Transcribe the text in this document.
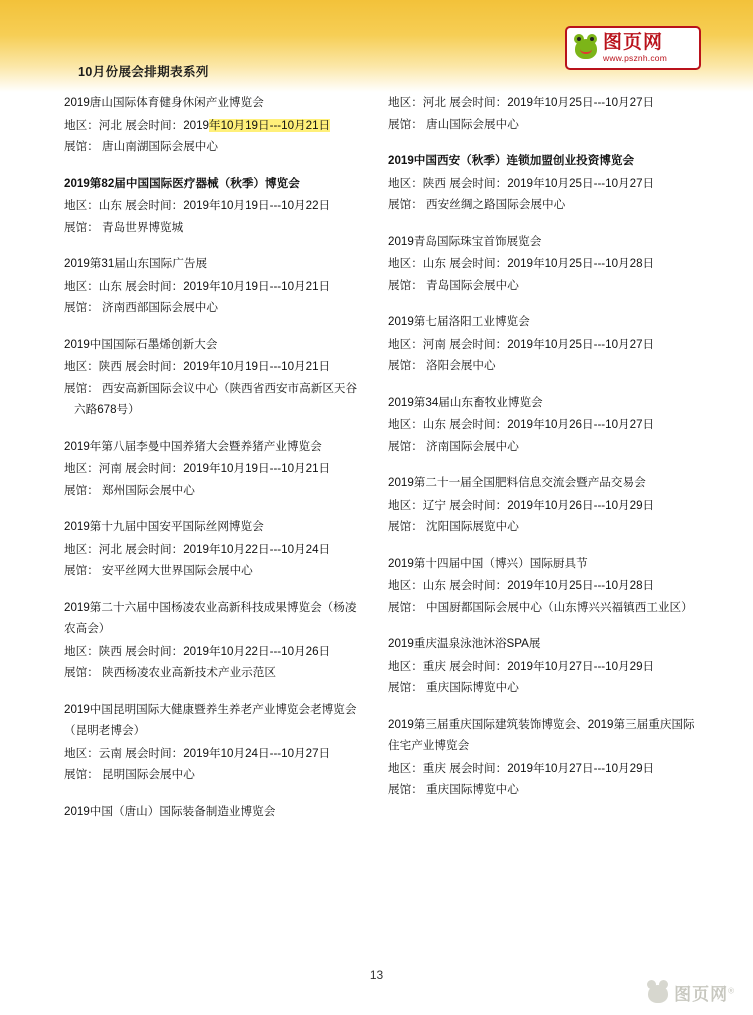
10月份展会排期表系列
图页网
www.psznh.com
2019唐山国际体育健身休闲产业博览会
地区：河北 展会时间：2019年10月19日---10月21日
展馆： 唐山南湖国际会展中心
2019第82届中国国际医疗器械（秋季）博览会
地区：山东 展会时间：2019年10月19日---10月22日
展馆： 青岛世界博览城
2019第31届山东国际广告展
地区：山东 展会时间：2019年10月19日---10月21日
展馆： 济南西部国际会展中心
2019中国国际石墨烯创新大会
地区：陕西 展会时间：2019年10月19日---10月21日
展馆： 西安高新国际会议中心（陕西省西安市高新区天谷六路678号）
2019年第八届李曼中国养猪大会暨养猪产业博览会
地区：河南 展会时间：2019年10月19日---10月21日
展馆： 郑州国际会展中心
2019第十九届中国安平国际丝网博览会
地区：河北 展会时间：2019年10月22日---10月24日
展馆： 安平丝网大世界国际会展中心
2019第二十六届中国杨凌农业高新科技成果博览会（杨凌农高会）
地区：陕西 展会时间：2019年10月22日---10月26日
展馆： 陕西杨凌农业高新技术产业示范区
2019中国昆明国际大健康暨养生养老产业博览会老博览会（昆明老博会）
地区：云南 展会时间：2019年10月24日---10月27日
展馆： 昆明国际会展中心
2019中国（唐山）国际装备制造业博览会
地区：河北 展会时间：2019年10月25日---10月27日
展馆： 唐山国际会展中心
2019中国西安（秋季）连锁加盟创业投资博览会
地区：陕西 展会时间：2019年10月25日---10月27日
展馆： 西安丝绸之路国际会展中心
2019青岛国际珠宝首饰展览会
地区：山东 展会时间：2019年10月25日---10月28日
展馆： 青岛国际会展中心
2019第七届洛阳工业博览会
地区：河南 展会时间：2019年10月25日---10月27日
展馆： 洛阳会展中心
2019第34届山东畜牧业博览会
地区：山东 展会时间：2019年10月26日---10月27日
展馆： 济南国际会展中心
2019第二十一届全国肥料信息交流会暨产品交易会
地区：辽宁 展会时间：2019年10月26日---10月29日
展馆： 沈阳国际展览中心
2019第十四届中国（博兴）国际厨具节
地区：山东 展会时间：2019年10月25日---10月28日
展馆： 中国厨都国际会展中心（山东博兴兴福镇西工业区）
2019重庆温泉泳池沐浴SPA展
地区：重庆 展会时间：2019年10月27日---10月29日
展馆： 重庆国际博览中心
2019第三届重庆国际建筑装饰博览会、2019第三届重庆国际住宅产业博览会
地区：重庆 展会时间：2019年10月27日---10月29日
展馆： 重庆国际博览中心
13
图页网®
